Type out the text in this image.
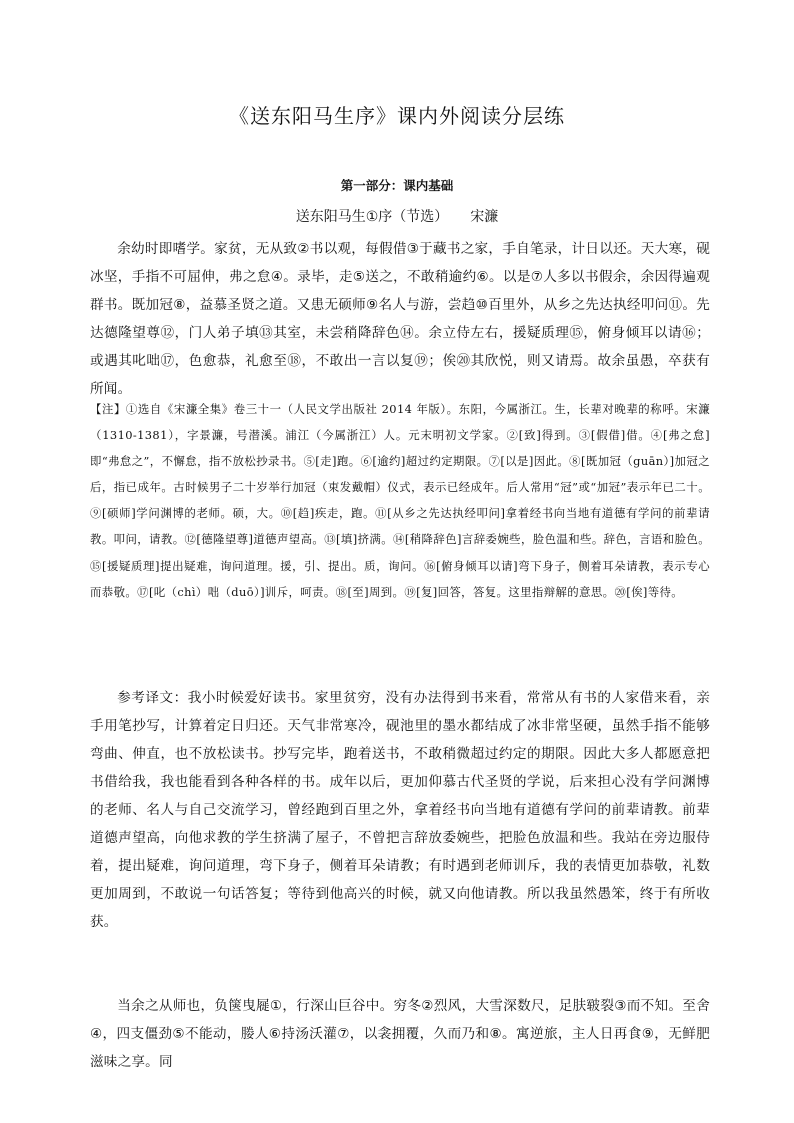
《送东阳马生序》课内外阅读分层练
第一部分：课内基础
送东阳马生①序（节选） 宋濂

余幼时即嗜学。家贫，无从致②书以观，每假借③于藏书之家，手自笔录，计日以还。天大寒，砚冰坚，手指不可屈伸，弗之怠④。录毕，走⑤送之，不敢稍逾约⑥。以是⑦人多以书假余，余因得遍观群书。既加冠⑧，益慕圣贤之道。又患无硕师⑨名人与游，尝趋⑩百里外，从乡之先达执经叩问⑪。先达德隆望尊⑫，门人弟子填⑬其室，未尝稍降辞色⑭。余立侍左右，援疑质理⑮，俯身倾耳以请⑯；或遇其叱咄⑰，色愈恭，礼愈至⑱，不敢出一言以复⑲；俟⑳其欣悦，则又请焉。故余虽愚，卒获有所闻。

【注】①选自《宋濂全集》卷三十一（人民文学出版社 2014 年版）。东阳，今属浙江。生，长辈对晚辈的称呼。宋濂（1310-1381），字景濂，号潜溪。浦江（今属浙江）人。元末明初文学家。②[致]得到。③[假借]借。④[弗之怠]即“弗怠之”，不懈怠，指不放松抄录书。⑤[走]跑。⑥[逾约]超过约定期限。⑦[以是]因此。⑧[既加冠（guān）]加冠之后，指已成年。古时候男子二十岁举行加冠（束发戴帽）仪式，表示已经成年。后人常用“冠”或“加冠”表示年已二十。⑨[硕师]学问渊博的老师。硕，大。⑩[趋]疾走，跑。⑪[从乡之先达执经叩问]拿着经书向当地有道德有学问的前辈请教。叩问，请教。⑫[德隆望尊]道德声望高。⑬[填]挤满。⑭[稍降辞色]言辞委婉些，脸色温和些。辞色，言语和脸色。⑮[援疑质理]提出疑难，询问道理。援，引、提出。质，询问。⑯[俯身倾耳以请]弯下身子，侧着耳朵请教，表示专心而恭敬。⑰[叱（chì）咄（duō）]训斥，呵责。⑱[至]周到。⑲[复]回答，答复。这里指辩解的意思。⑳[俟]等待。

参考译文：我小时候爱好读书。家里贫穷，没有办法得到书来看，常常从有书的人家借来看，亲手用笔抄写，计算着定日归还。天气非常寒冷，砚池里的墨水都结成了冰非常坚硬，虽然手指不能够弯曲、伸直，也不放松读书。抄写完毕，跑着送书，不敢稍微超过约定的期限。因此大多人都愿意把书借给我，我也能看到各种各样的书。成年以后，更加仰慕古代圣贤的学说，后来担心没有学问渊博的老师、名人与自己交流学习，曾经跑到百里之外，拿着经书向当地有道德有学问的前辈请教。前辈道德声望高，向他求教的学生挤满了屋子，不曾把言辞放委婉些，把脸色放温和些。我站在旁边服侍着，提出疑难，询问道理，弯下身子，侧着耳朵请教；有时遇到老师训斥，我的表情更加恭敬，礼数更加周到，不敢说一句话答复；等待到他高兴的时候，就又向他请教。所以我虽然愚笨，终于有所收获。

当余之从师也，负箧曳屣①，行深山巨谷中。穷冬②烈风，大雪深数尺，足肤皲裂③而不知。至舍④，四支僵劲⑤不能动，媵人⑥持汤沃灌⑦，以衾拥覆，久而乃和⑧。寓逆旅，主人日再食⑨，无鲜肥滋味之享。同
